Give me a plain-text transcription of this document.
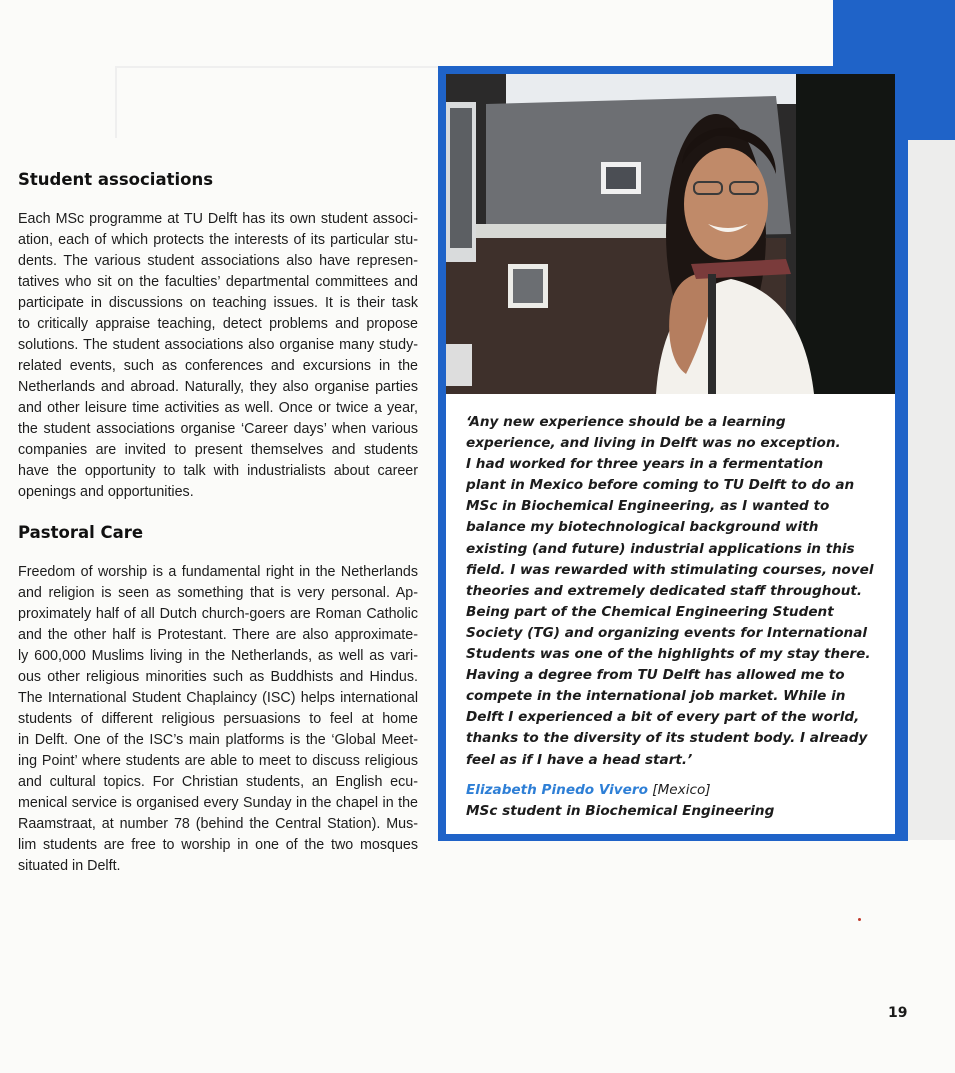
Student associations

Each MSc programme at TU Delft has its own student associ-
ation, each of which protects the interests of its particular stu-
dents. The various student associations also have represen-
tatives who sit on the faculties’ departmental committees and
participate in discussions on teaching issues. It is their task
to critically appraise teaching, detect problems and propose
solutions. The student associations also organise many study-
related events, such as conferences and excursions in the
Netherlands and abroad. Naturally, they also organise parties
and other leisure time activities as well. Once or twice a year,
the student associations organise ‘Career days’ when various
companies are invited to present themselves and students
have the opportunity to talk with industrialists about career
openings and opportunities.

Pastoral Care

Freedom of worship is a fundamental right in the Netherlands
and religion is seen as something that is very personal. Ap-
proximately half of all Dutch church-goers are Roman Catholic
and the other half is Protestant. There are also approximate-
ly 600,000 Muslims living in the Netherlands, as well as vari-
ous other religious minorities such as Buddhists and Hindus.
The International Student Chaplaincy (ISC) helps international
students of different religious persuasions to feel at home
in Delft. One of the ISC’s main platforms is the ‘Global Meet-
ing Point’ where students are able to meet to discuss religious
and cultural topics. For Christian students, an English ecu-
menical service is organised every Sunday in the chapel in the
Raamstraat, at number 78 (behind the Central Station). Mus-
lim students are free to worship in one of the two mosques
situated in Delft.

‘Any new experience should be a learning
experience, and living in Delft was no exception.
I had worked for three years in a fermentation
plant in Mexico before coming to TU Delft to do an
MSc in Biochemical Engineering, as I wanted to
balance my biotechnological background with
existing (and future) industrial applications in this
field. I was rewarded with stimulating courses, novel
theories and extremely dedicated staff throughout.
Being part of the Chemical Engineering Student
Society (TG) and organizing events for International
Students was one of the highlights of my stay there.
Having a degree from TU Delft has allowed me to
compete in the international job market. While in
Delft I experienced a bit of every part of the world,
thanks to the diversity of its student body. I already
feel as if I have a head start.’
Elizabeth Pinedo Vivero [Mexico]
MSc student in Biochemical Engineering
19
